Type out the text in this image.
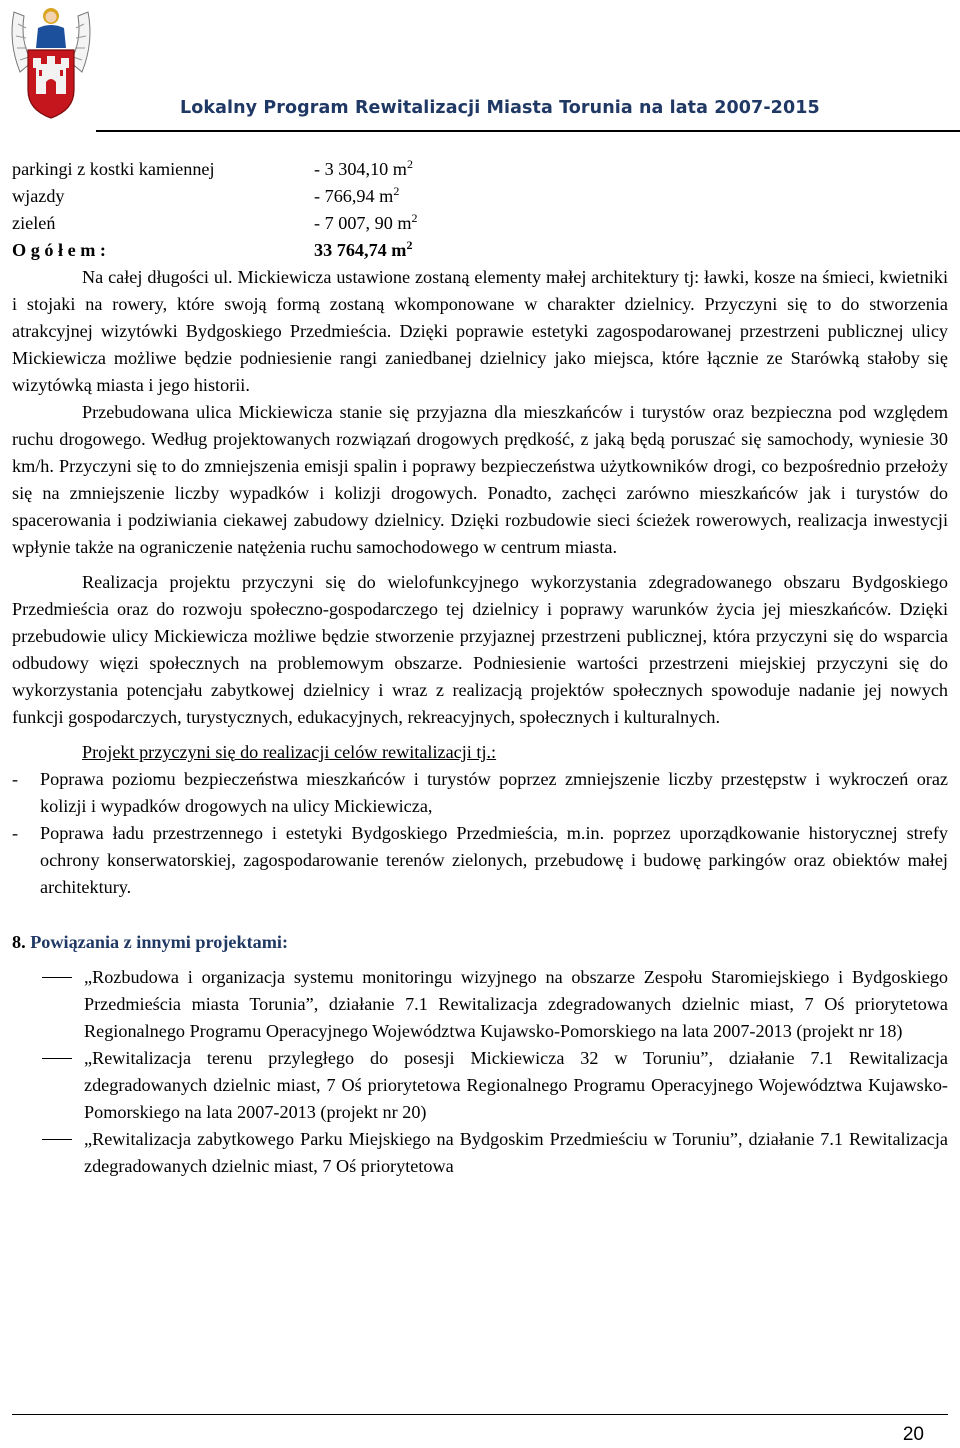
Lokalny Program Rewitalizacji Miasta Torunia na lata 2007-2015
parkingi z kostki kamiennej	- 3 304,10 $m^2$
wjazdy	- 766,94 $m^2$
zieleń	- 7 007, 90 $m^2$
O g ó ł e m :	33 764,74 $m^2$

Na całej długości ul. Mickiewicza ustawione zostaną elementy małej architektury tj: ławki, kosze na śmieci, kwietniki i stojaki na rowery, które swoją formą zostaną wkomponowane w charakter dzielnicy. Przyczyni się to do stworzenia atrakcyjnej wizytówki Bydgoskiego Przedmieścia. Dzięki poprawie estetyki zagospodarowanej przestrzeni publicznej ulicy Mickiewicza możliwe będzie podniesienie rangi zaniedbanej dzielnicy jako miejsca, które łącznie ze Starówką stałoby się wizytówką miasta i jego historii.

Przebudowana ulica Mickiewicza stanie się przyjazna dla mieszkańców i turystów oraz bezpieczna pod względem ruchu drogowego. Według projektowanych rozwiązań drogowych prędkość, z jaką będą poruszać się samochody, wyniesie 30 km/h. Przyczyni się to do zmniejszenia emisji spalin i poprawy bezpieczeństwa użytkowników drogi, co bezpośrednio przełoży się na zmniejszenie liczby wypadków i kolizji drogowych. Ponadto, zachęci zarówno mieszkańców jak i turystów do spacerowania i podziwiania ciekawej zabudowy dzielnicy. Dzięki rozbudowie sieci ścieżek rowerowych, realizacja inwestycji wpłynie także na ograniczenie natężenia ruchu samochodowego w centrum miasta.

Realizacja projektu przyczyni się do wielofunkcyjnego wykorzystania zdegradowanego obszaru Bydgoskiego Przedmieścia oraz do rozwoju społeczno-gospodarczego tej dzielnicy i poprawy warunków życia jej mieszkańców. Dzięki przebudowie ulicy Mickiewicza możliwe będzie stworzenie przyjaznej przestrzeni publicznej, która przyczyni się do wsparcia odbudowy więzi społecznych na problemowym obszarze. Podniesienie wartości przestrzeni miejskiej przyczyni się do wykorzystania potencjału zabytkowej dzielnicy i wraz z realizacją projektów społecznych spowoduje nadanie jej nowych funkcji gospodarczych, turystycznych, edukacyjnych, rekreacyjnych, społecznych i kulturalnych.

Projekt przyczyni się do realizacji celów rewitalizacji tj.:

-	Poprawa poziomu bezpieczeństwa mieszkańców i turystów poprzez zmniejszenie liczby przestępstw i wykroczeń oraz kolizji i wypadków drogowych na ulicy Mickiewicza,
-	Poprawa ładu przestrzennego i estetyki Bydgoskiego Przedmieścia, m.in. poprzez uporządkowanie historycznej strefy ochrony konserwatorskiej, zagospodarowanie terenów zielonych, przebudowę i budowę parkingów oraz obiektów małej architektury.

8. Powiązania z innymi projektami:

„Rozbudowa i organizacja systemu monitoringu wizyjnego na obszarze Zespołu Staromiejskiego i Bydgoskiego Przedmieścia miasta Torunia”, działanie 7.1 Rewitalizacja zdegradowanych dzielnic miast, 7 Oś priorytetowa Regionalnego Programu Operacyjnego Województwa Kujawsko-Pomorskiego na lata 2007-2013 (projekt nr 18)
„Rewitalizacja terenu przyległego do posesji Mickiewicza 32 w Toruniu”, działanie 7.1 Rewitalizacja zdegradowanych dzielnic miast, 7 Oś priorytetowa Regionalnego Programu Operacyjnego Województwa Kujawsko-Pomorskiego na lata 2007-2013 (projekt nr 20)
„Rewitalizacja zabytkowego Parku Miejskiego na Bydgoskim Przedmieściu w Toruniu”, działanie 7.1 Rewitalizacja zdegradowanych dzielnic miast, 7 Oś priorytetowa
20
